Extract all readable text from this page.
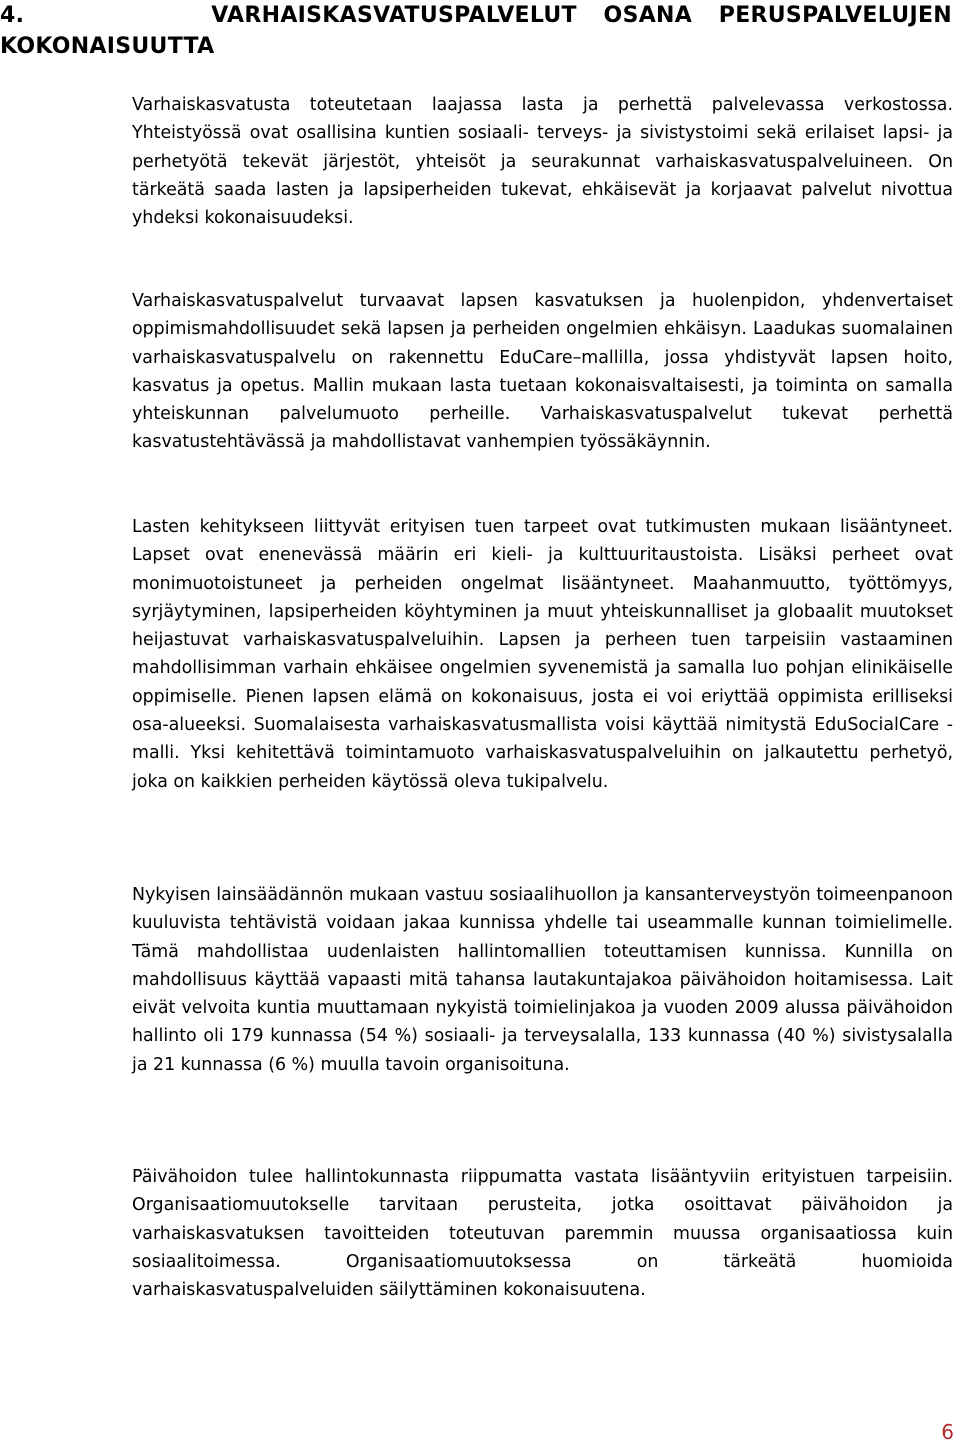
4.	VARHAISKASVATUSPALVELUT OSANA PERUSPALVELUJEN KOKONAISUUTTA

Varhaiskasvatusta toteutetaan laajassa lasta ja perhettä palvelevassa verkostossa. Yhteistyössä ovat osallisina kuntien sosiaali- terveys- ja sivistystoimi sekä erilaiset lapsi- ja perhetyötä tekevät järjestöt, yhteisöt ja seurakunnat varhaiskasvatuspalveluineen. On tärkeätä saada lasten ja lapsiperheiden tukevat, ehkäisevät ja korjaavat palvelut nivottua yhdeksi kokonaisuudeksi.

Varhaiskasvatuspalvelut turvaavat lapsen kasvatuksen ja huolenpidon, yhdenvertaiset oppimismahdollisuudet sekä lapsen ja perheiden ongelmien ehkäisyn. Laadukas suomalainen varhaiskasvatuspalvelu on rakennettu EduCare–mallilla, jossa yhdistyvät lapsen hoito, kasvatus ja opetus. Mallin mukaan lasta tuetaan kokonaisvaltaisesti, ja toiminta on samalla yhteiskunnan palvelumuoto perheille. Varhaiskasvatuspalvelut tukevat perhettä kasvatustehtävässä ja mahdollistavat vanhempien työssäkäynnin.

Lasten kehitykseen liittyvät erityisen tuen tarpeet ovat tutkimusten mukaan lisääntyneet. Lapset ovat enenevässä määrin eri kieli- ja kulttuuritaustoista. Lisäksi perheet ovat monimuotoistuneet ja perheiden ongelmat lisääntyneet. Maahanmuutto, työttömyys, syrjäytyminen, lapsiperheiden köyhtyminen ja muut yhteiskunnalliset ja globaalit muutokset heijastuvat varhaiskasvatuspalveluihin. Lapsen ja perheen tuen tarpeisiin vastaaminen mahdollisimman varhain ehkäisee ongelmien syvenemistä ja samalla luo pohjan elinikäiselle oppimiselle. Pienen lapsen elämä on kokonaisuus, josta ei voi eriyttää oppimista erilliseksi osa-alueeksi. Suomalaisesta varhaiskasvatusmallista voisi käyttää nimitystä EduSocialCare -malli. Yksi kehitettävä toimintamuoto varhaiskasvatuspalveluihin on jalkautettu perhetyö, joka on kaikkien perheiden käytössä oleva tukipalvelu.

Nykyisen lainsäädännön mukaan vastuu sosiaalihuollon ja kansanterveystyön toimeenpanoon kuuluvista tehtävistä voidaan jakaa kunnissa yhdelle tai useammalle kunnan toimielimelle. Tämä mahdollistaa uudenlaisten hallintomallien toteuttamisen kunnissa. Kunnilla on mahdollisuus käyttää vapaasti mitä tahansa lautakuntajakoa päivähoidon hoitamisessa. Lait eivät velvoita kuntia muuttamaan nykyistä toimielinjakoa ja vuoden 2009 alussa päivähoidon hallinto oli 179 kunnassa (54 %) sosiaali- ja terveysalalla, 133 kunnassa (40 %) sivistysalalla ja 21 kunnassa (6 %) muulla tavoin organisoituna.

Päivähoidon tulee hallintokunnasta riippumatta vastata lisääntyviin erityistuen tarpeisiin. Organisaatiomuutokselle tarvitaan perusteita, jotka osoittavat päivähoidon ja varhaiskasvatuksen tavoitteiden toteutuvan paremmin muussa organisaatiossa kuin sosiaalitoimessa. Organisaatiomuutoksessa on tärkeätä huomioida varhaiskasvatuspalveluiden säilyttäminen kokonaisuutena.

6
